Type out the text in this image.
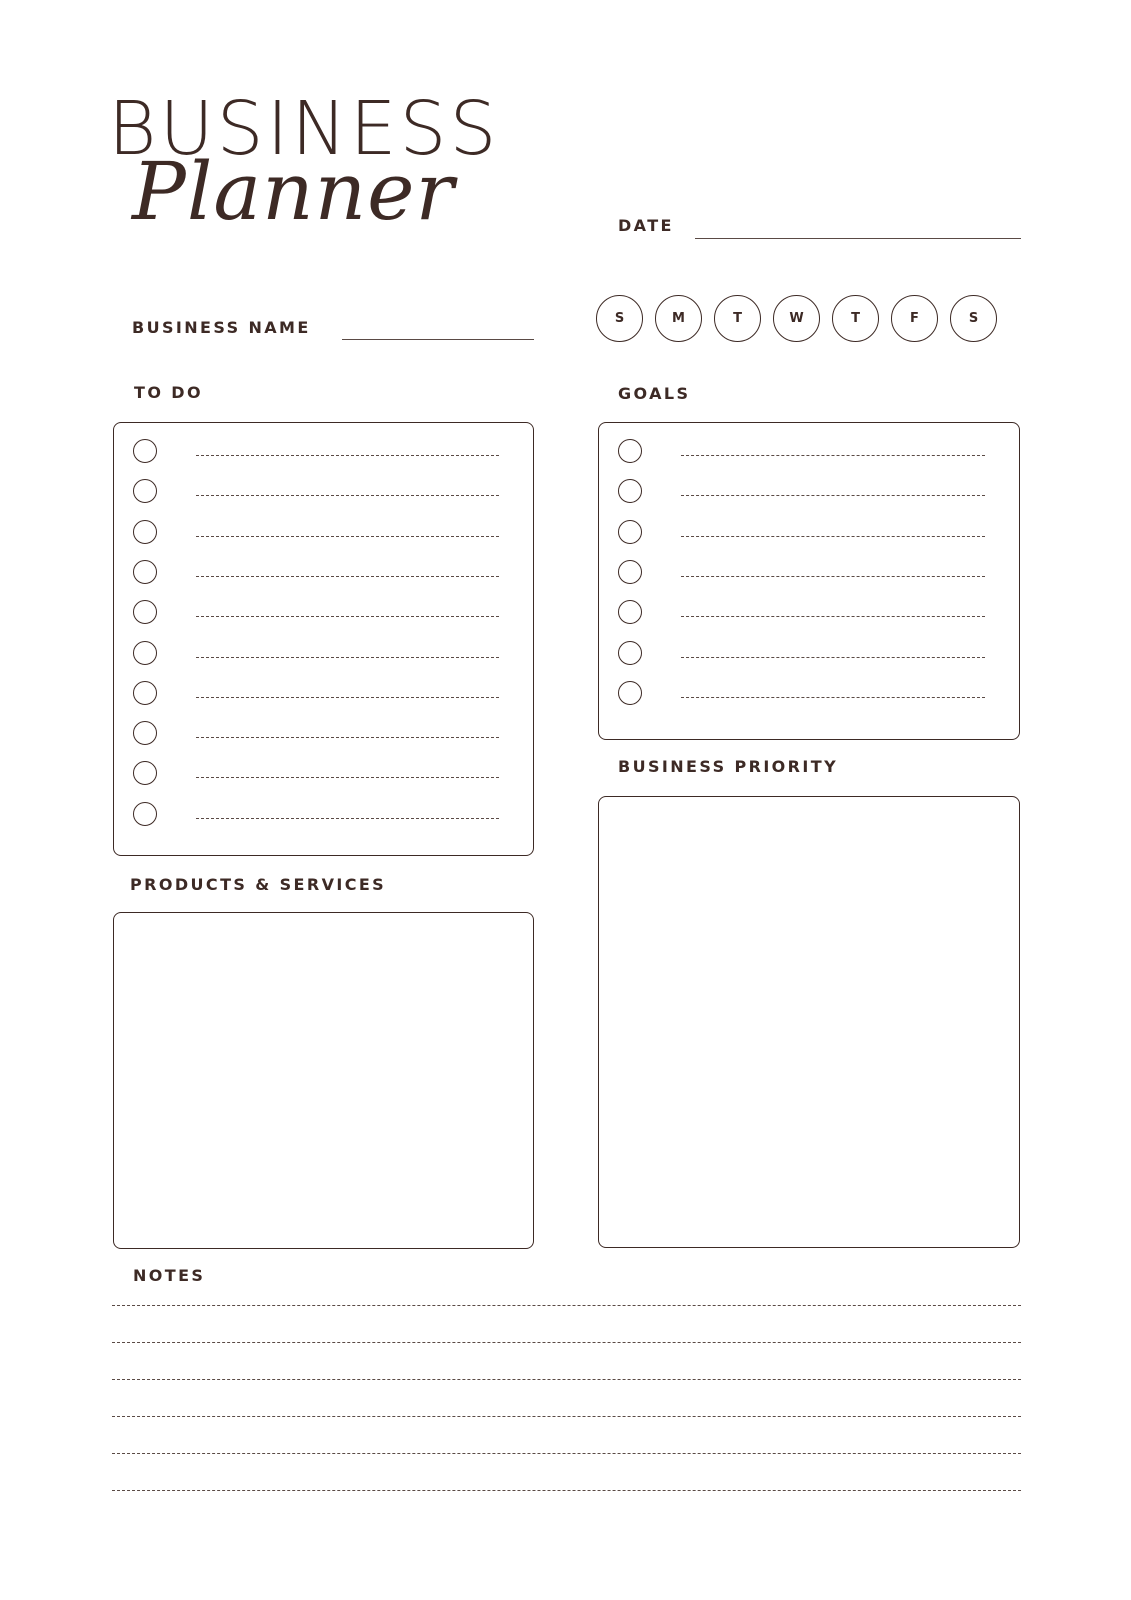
BUSINESS
Planner	DATE
BUSINESS NAME	S	M	T	W	T	F	S
TO DO	GOALS
BUSINESS PRIORITY
PRODUCTS & SERVICES
NOTES
